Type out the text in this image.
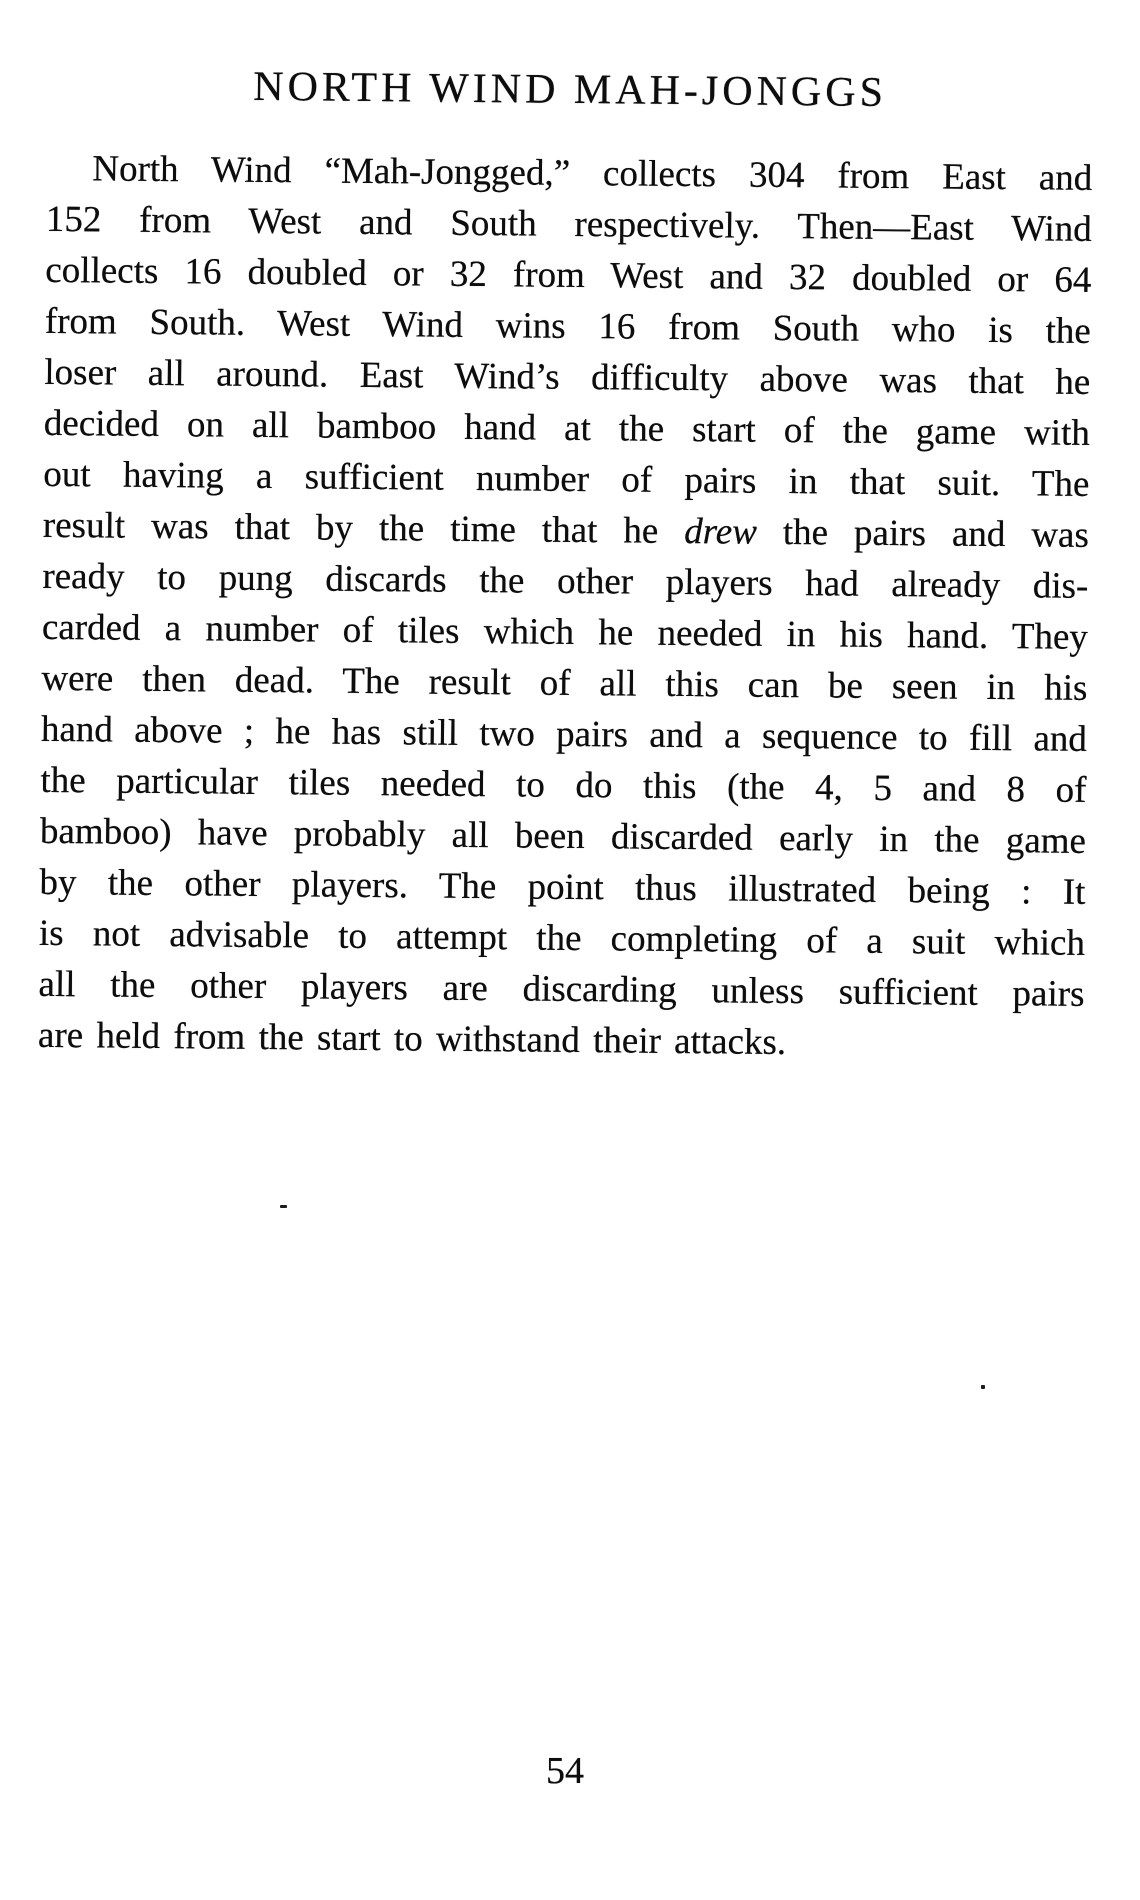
NORTH WIND MAH-JONGGS
North Wind “Mah-Jongged,” collects 304 from East and
152 from West and South respectively. Then—East Wind
collects 16 doubled or 32 from West and 32 doubled or 64
from South. West Wind wins 16 from South who is the
loser all around. East Wind’s difficulty above was that he
decided on all bamboo hand at the start of the game with
out having a sufficient number of pairs in that suit. The
result was that by the time that he drew the pairs and was
ready to pung discards the other players had already dis-
carded a number of tiles which he needed in his hand. They
were then dead. The result of all this can be seen in his
hand above ; he has still two pairs and a sequence to fill and
the particular tiles needed to do this (the 4, 5 and 8 of
bamboo) have probably all been discarded early in the game
by the other players. The point thus illustrated being : It
is not advisable to attempt the completing of a suit which
all the other players are discarding unless sufficient pairs
are held from the start to withstand their attacks.
54
